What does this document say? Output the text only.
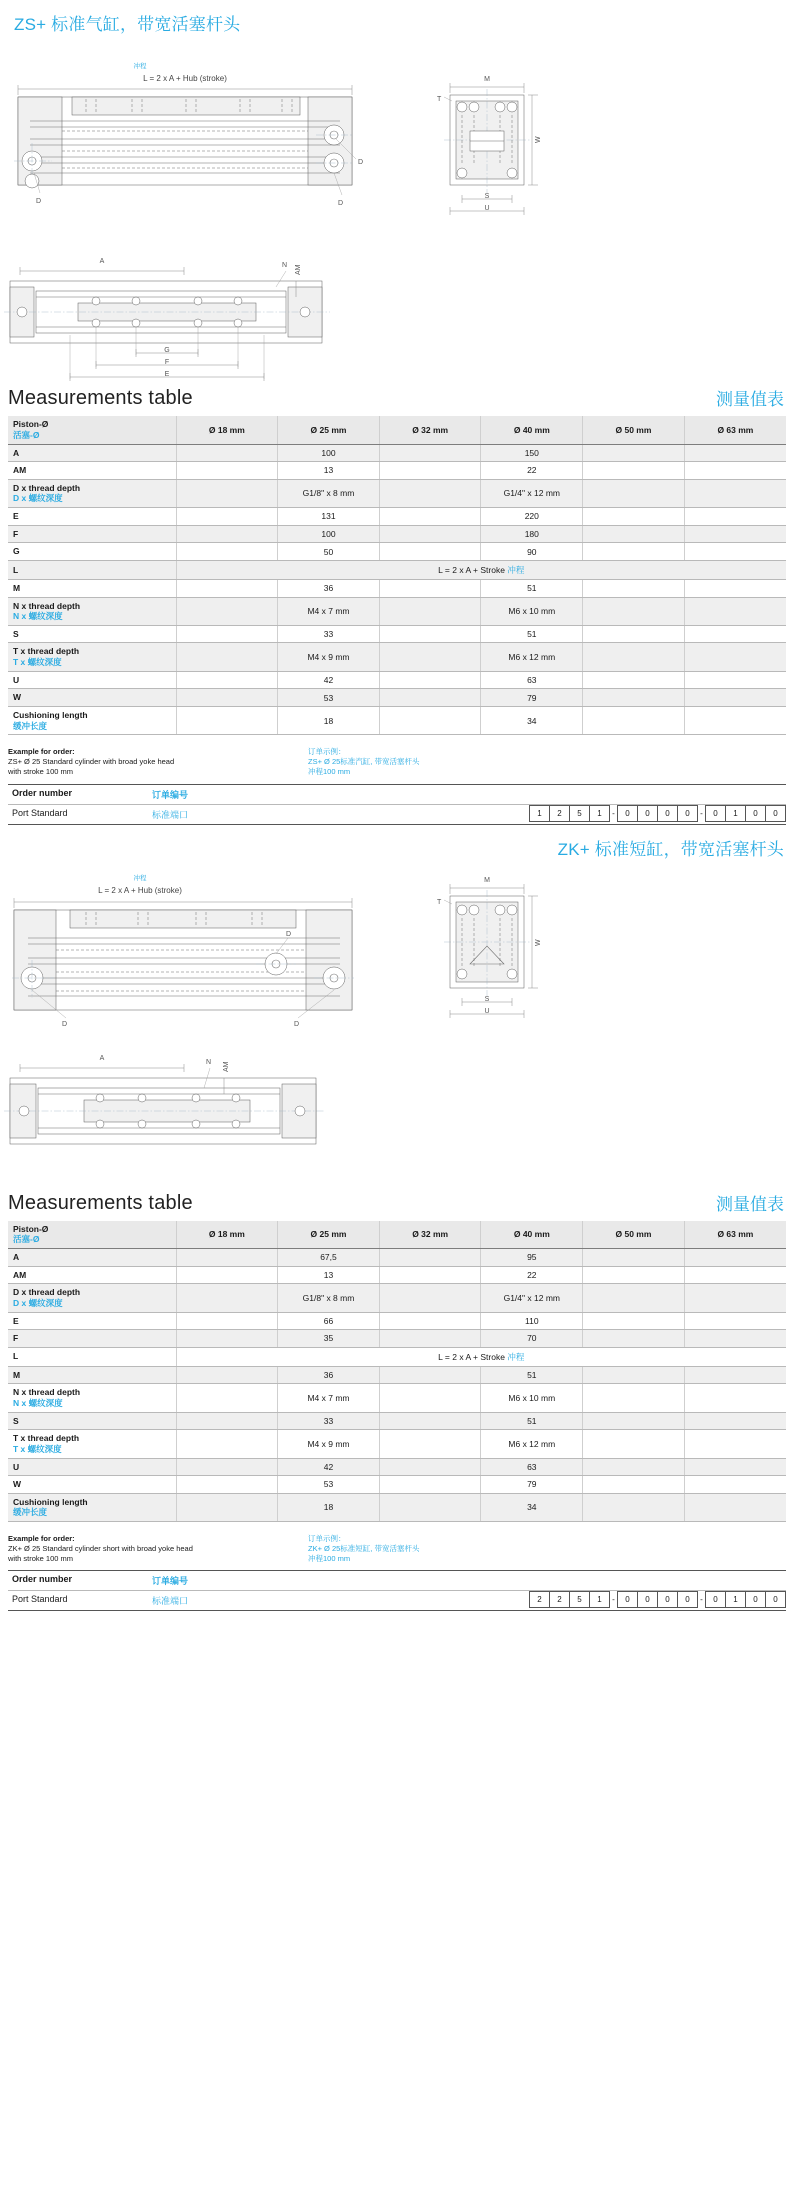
ZS+ 标准气缸，带宽活塞杆头
冲程
L = 2 x A + Hub (stroke)
D
D
D
M
T
W
S
U
A
N AM
G
F
E
Measurements table	测量值表
Piston-Ø
活塞-Ø	Ø 18 mm	Ø 25 mm	Ø 32 mm	Ø 40 mm	Ø 50 mm	Ø 63 mm
A		100		150		
AM		13		22		
D x thread depth
D x 螺纹深度		G1/8" x 8 mm		G1/4" x 12 mm		
E		131		220		
F		100		180		
G		50		90		
L	L = 2 x A + Stroke 冲程					
M		36		51		
N x thread depth
N x 螺纹深度		M4 x 7 mm		M6 x 10 mm		
S		33		51		
T x thread depth
T x 螺纹深度		M4 x 9 mm		M6 x 12 mm		
U		42		63		
W		53		79		
Cushioning length
缓冲长度		18		34		
Example for order:
ZS+ Ø 25 Standard cylinder with broad yoke head
with stroke 100 mm
订单示例：
ZS+ Ø 25标准汽缸, 带宽活塞杆头
冲程100 mm
Order number	订单编号
Port Standard	标准端口	1	2	5	1	-	0	0	0	0	-	0	1	0	0
ZK+ 标准短缸，带宽活塞杆头
冲程
L = 2 x A + Hub (stroke)
D
D
D
M
T
W
S
U
A
N AM
Measurements table	测量值表
Piston-Ø
活塞-Ø	Ø 18 mm	Ø 25 mm	Ø 32 mm	Ø 40 mm	Ø 50 mm	Ø 63 mm
A		67,5		95		
AM		13		22		
D x thread depth
D x 螺纹深度		G1/8" x 8 mm		G1/4" x 12 mm		
E		66		110		
F		35		70		
L	L = 2 x A + Stroke 冲程					
M		36		51		
N x thread depth
N x 螺纹深度		M4 x 7 mm		M6 x 10 mm		
S		33		51		
T x thread depth
T x 螺纹深度		M4 x 9 mm		M6 x 12 mm		
U		42		63		
W		53		79		
Cushioning length
缓冲长度		18		34		
Example for order:
ZK+ Ø 25 Standard cylinder short with broad yoke head
with stroke 100 mm
订单示例：
ZK+ Ø 25标准短缸, 带宽活塞杆头
冲程100 mm
Order number	订单编号
Port Standard	标准端口	2	2	5	1	-	0	0	0	0	-	0	1	0	0
